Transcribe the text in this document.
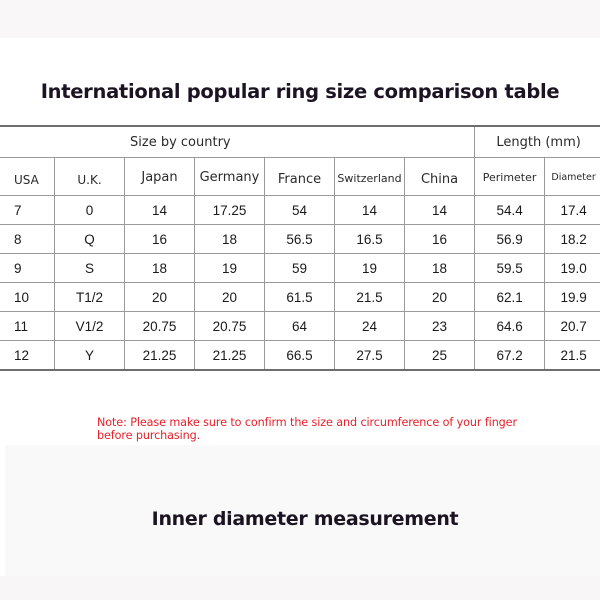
International popular ring size comparison table
Size by country							Length (mm)	
USA	U.K.	Japan	Germany	France	Switzerland	China	Perimeter	Diameter
7	0	14	17.25	54	14	14	54.4	17.4
8	Q	16	18	56.5	16.5	16	56.9	18.2
9	S	18	19	59	19	18	59.5	19.0
10	T1/2	20	20	61.5	21.5	20	62.1	19.9
11	V1/2	20.75	20.75	64	24	23	64.6	20.7
12	Y	21.25	21.25	66.5	27.5	25	67.2	21.5
Note: Please make sure to confirm the size and circumference of your finger before purchasing.
Inner diameter measurement
